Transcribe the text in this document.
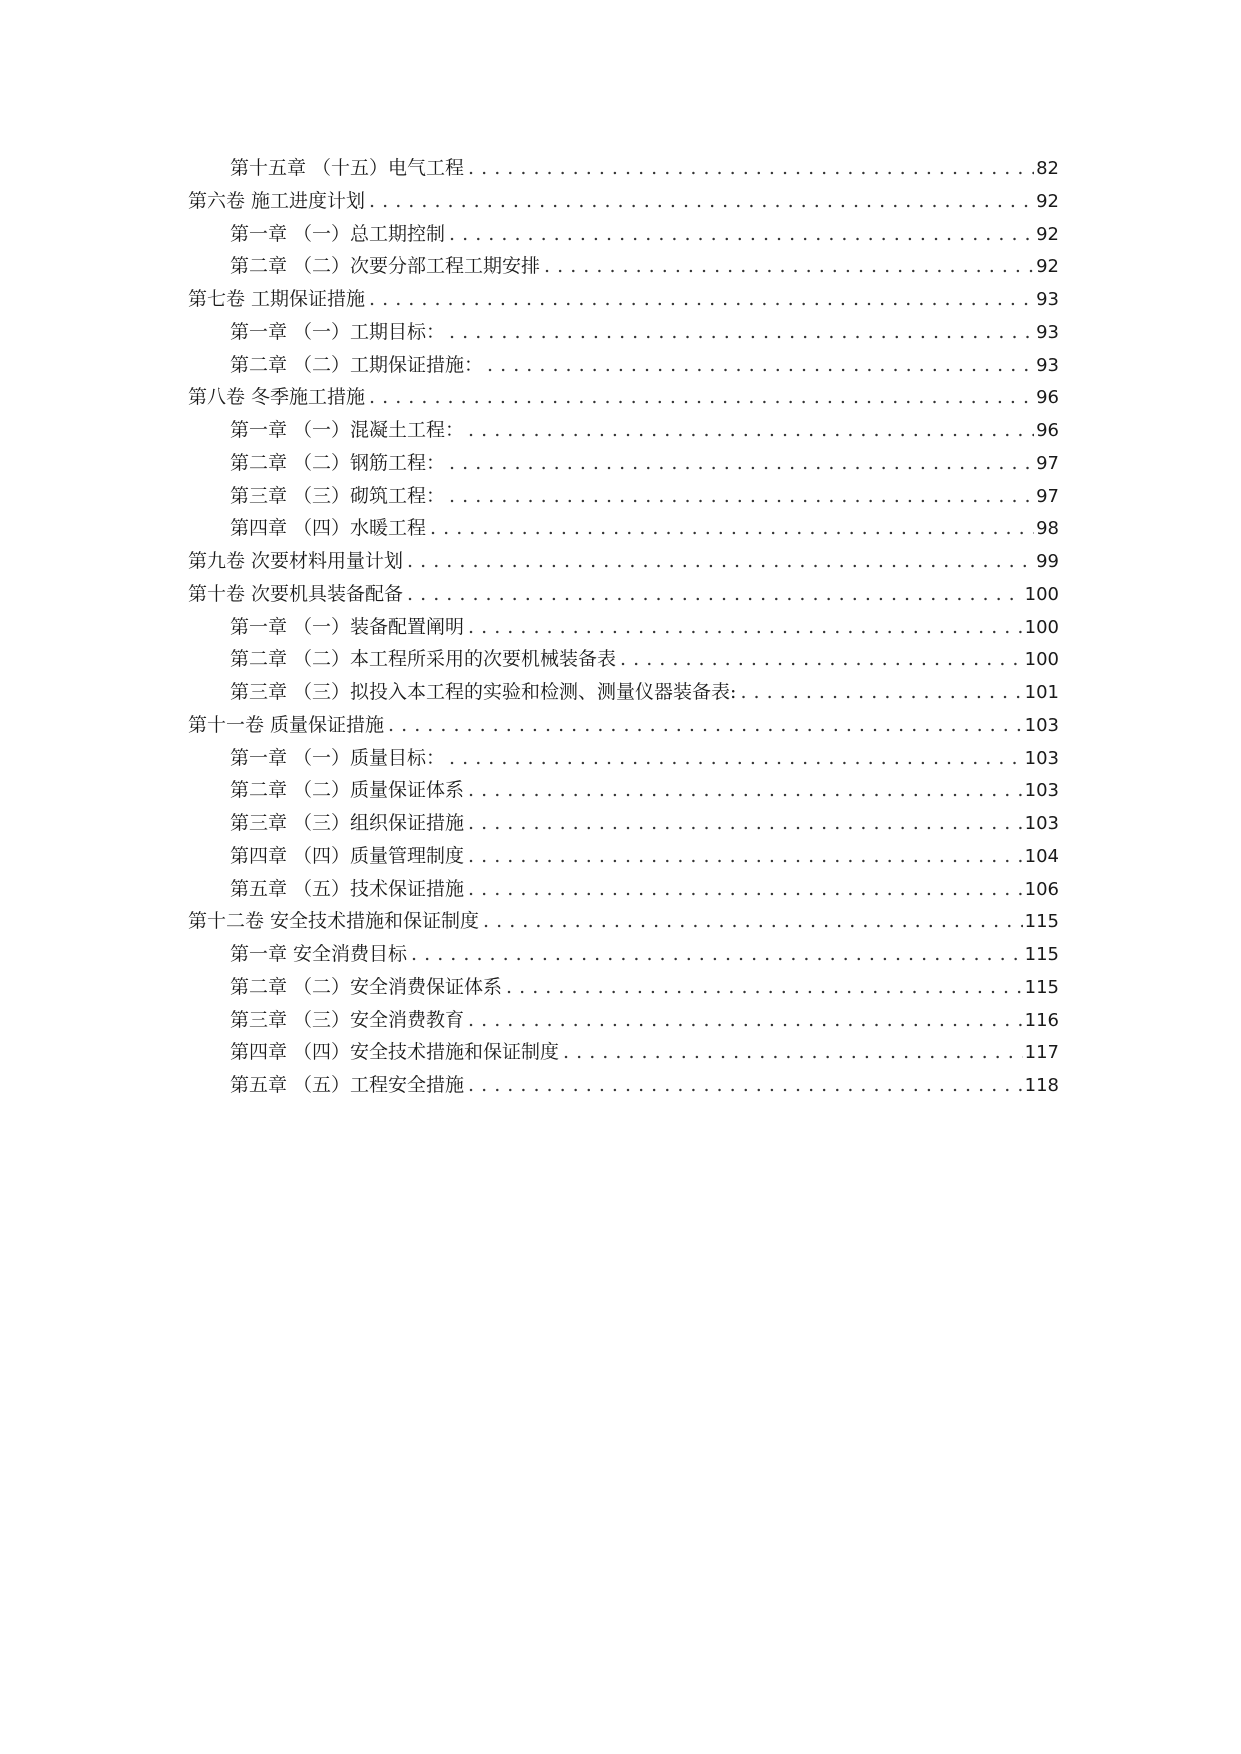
第十五章 （十五）电气工程 . . .	82
第六卷 施工进度计划 . . .	92
第一章 （一）总工期控制 . . .	92
第二章 （二）次要分部工程工期安排 . . .	92
第七卷 工期保证措施 . . .	93
第一章 （一）工期目标： . . .	93
第二章 （二）工期保证措施： . . .	93
第八卷 冬季施工措施 . . .	96
第一章 （一）混凝土工程： . . .	96
第二章 （二）钢筋工程： . . .	97
第三章 （三）砌筑工程： . . .	97
第四章 （四）水暖工程 . . .	98
第九卷 次要材料用量计划 . . .	99
第十卷 次要机具装备配备 . . .	100
第一章 （一）装备配置阐明 . . .	100
第二章 （二）本工程所采用的次要机械装备表 . . .	100
第三章 （三）拟投入本工程的实验和检测、测量仪器装备表: . . .	101
第十一卷 质量保证措施 . . .	103
第一章 （一）质量目标： . . .	103
第二章 （二）质量保证体系 . . .	103
第三章 （三）组织保证措施 . . .	103
第四章 （四）质量管理制度 . . .	104
第五章 （五）技术保证措施 . . .	106
第十二卷 安全技术措施和保证制度 . . .	115
第一章 安全消费目标 . . .	115
第二章 （二）安全消费保证体系 . . .	115
第三章 （三）安全消费教育 . . .	116
第四章 （四）安全技术措施和保证制度 . . .	117
第五章 （五）工程安全措施 . . .	118
